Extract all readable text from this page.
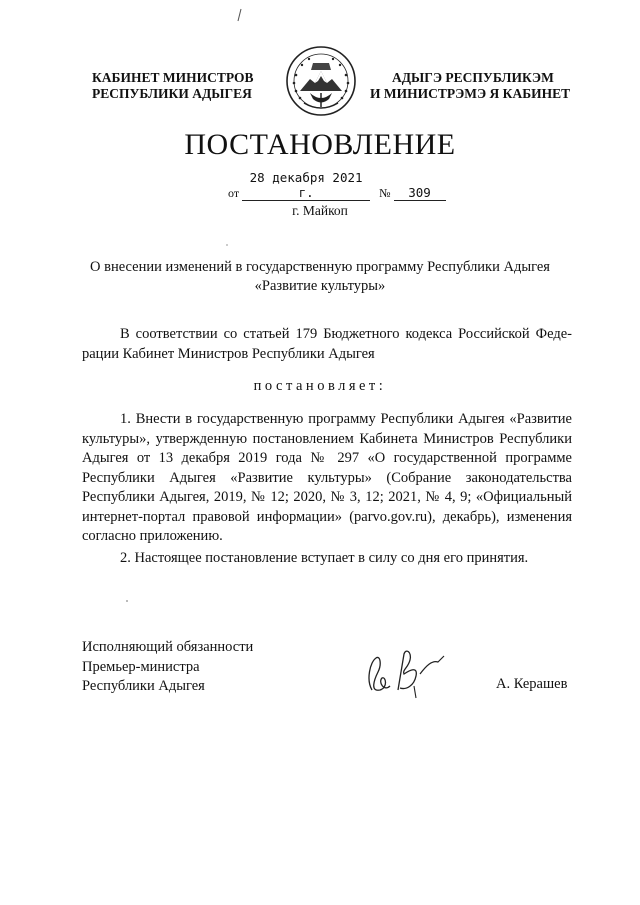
КАБИНЕТ МИНИСТРОВ
РЕСПУБЛИКИ АДЫГЕЯ
АДЫГЭ РЕСПУБЛИКЭМ
И МИНИСТРЭМЭ Я КАБИНЕТ
ПОСТАНОВЛЕНИЕ
от 28 декабря 2021 г.	№ 309
г. Майкоп
О внесении изменений в государственную программу Республики Адыгея
«Развитие культуры»
В соответствии со статьей 179 Бюджетного кодекса Российской Федерации Кабинет Министров Республики Адыгея
постановляет:
1. Внести в государственную программу Республики Адыгея «Развитие культуры», утвержденную постановлением Кабинета Министров Республики Адыгея от 13 декабря 2019 года № 297 «О государственной программе Республики Адыгея «Развитие культуры» (Собрание законодательства Республики Адыгея, 2019, № 12; 2020, № 3, 12; 2021, № 4, 9; «Официальный интернет-портал правовой информации» (parvo.gov.ru), декабрь), изменения согласно приложению.
2. Настоящее постановление вступает в силу со дня его принятия.
Исполняющий обязанности
Премьер-министра
Республики Адыгея	А. Керашев
